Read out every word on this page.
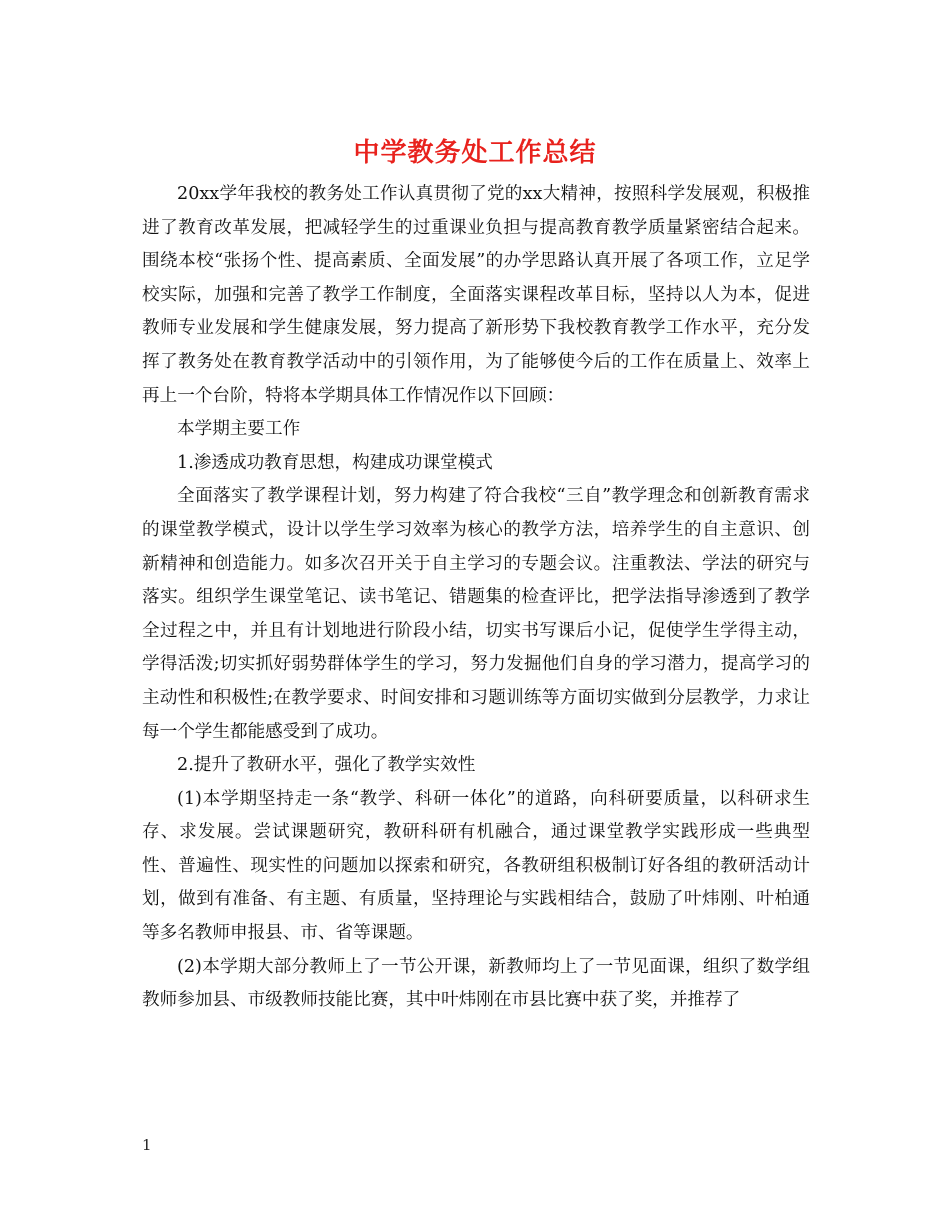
中学教务处工作总结

20xx学年我校的教务处工作认真贯彻了党的xx大精神，按照科学发展观，积极推进了教育改革发展，把减轻学生的过重课业负担与提高教育教学质量紧密结合起来。围绕本校“张扬个性、提高素质、全面发展”的办学思路认真开展了各项工作，立足学校实际，加强和完善了教学工作制度，全面落实课程改革目标，坚持以人为本，促进教师专业发展和学生健康发展，努力提高了新形势下我校教育教学工作水平，充分发挥了教务处在教育教学活动中的引领作用，为了能够使今后的工作在质量上、效率上再上一个台阶，特将本学期具体工作情况作以下回顾：

本学期主要工作

1.渗透成功教育思想，构建成功课堂模式

全面落实了教学课程计划，努力构建了符合我校“三自”教学理念和创新教育需求的课堂教学模式，设计以学生学习效率为核心的教学方法，培养学生的自主意识、创新精神和创造能力。如多次召开关于自主学习的专题会议。注重教法、学法的研究与落实。组织学生课堂笔记、读书笔记、错题集的检查评比，把学法指导渗透到了教学全过程之中，并且有计划地进行阶段小结，切实书写课后小记，促使学生学得主动，学得活泼;切实抓好弱势群体学生的学习，努力发掘他们自身的学习潜力，提高学习的主动性和积极性;在教学要求、时间安排和习题训练等方面切实做到分层教学，力求让每一个学生都能感受到了成功。

2.提升了教研水平，强化了教学实效性

(1)本学期坚持走一条“教学、科研一体化”的道路，向科研要质量，以科研求生存、求发展。尝试课题研究，教研科研有机融合，通过课堂教学实践形成一些典型性、普遍性、现实性的问题加以探索和研究，各教研组积极制订好各组的教研活动计划，做到有准备、有主题、有质量，坚持理论与实践相结合，鼓励了叶炜刚、叶柏通等多名教师申报县、市、省等课题。

(2)本学期大部分教师上了一节公开课，新教师均上了一节见面课，组织了数学组教师参加县、市级教师技能比赛，其中叶炜刚在市县比赛中获了奖，并推荐了

1
